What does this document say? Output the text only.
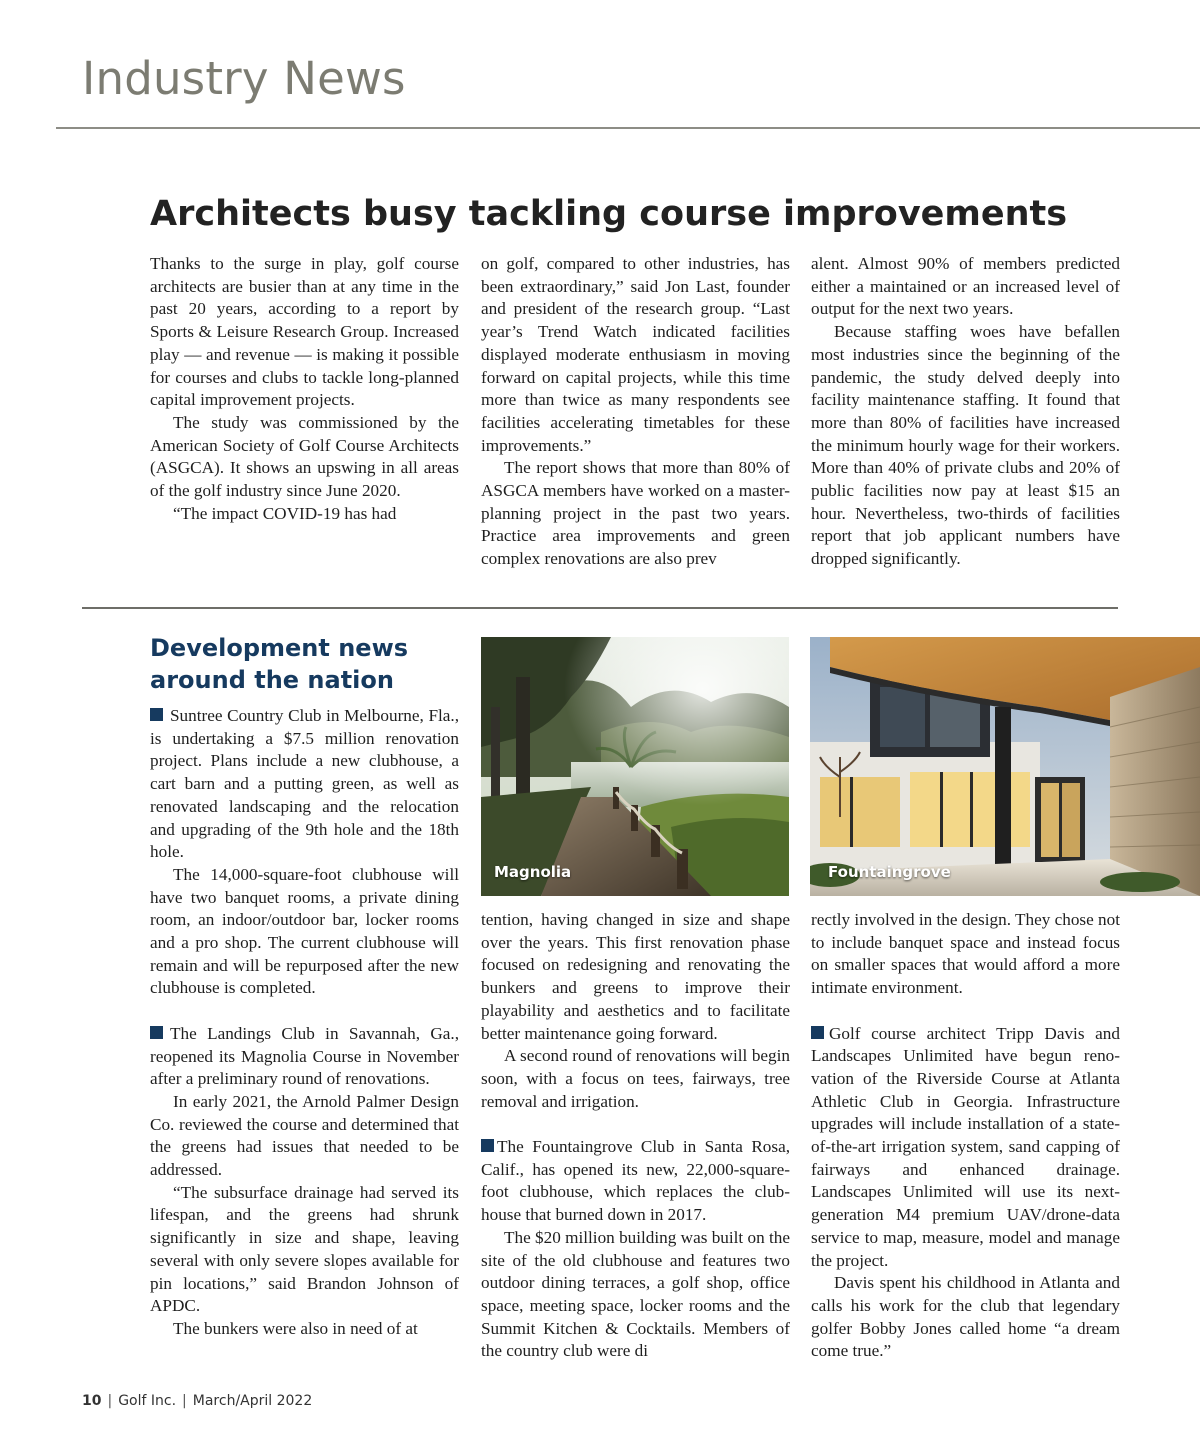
Industry News
Architects busy tackling course improvements

Thanks to the surge in play, golf course architects are busier than at any time in the past 20 years, according to a report by Sports & Leisure Research Group. Increased play — and revenue — is making it possible for courses and clubs to tackle long-planned capital improvement projects.

The study was commissioned by the American Society of Golf Course Architects (ASGCA). It shows an upswing in all areas of the golf industry since June 2020.

“The impact COVID-19 has had

on golf, compared to other industries, has been extraordinary,” said Jon Last, founder and president of the research group. “Last year’s Trend Watch indicated facilities displayed moderate enthusiasm in moving forward on capital projects, while this time more than twice as many respondents see facilities accelerating timetables for these improvements.”

The report shows that more than 80% of ASGCA members have worked on a master-planning project in the past two years. Practice area improvements and green complex renovations are also prev

alent. Almost 90% of members predicted either a maintained or an increased level of output for the next two years.

Because staffing woes have befallen most industries since the beginning of the pandemic, the study delved deeply into facility maintenance staffing. It found that more than 80% of facilities have increased the minimum hourly wage for their workers. More than 40% of private clubs and 20% of public facilities now pay at least $15 an hour. Nevertheless, two-thirds of facilities report that job applicant numbers have dropped significantly.

Development news around the nation

Suntree Country Club in Melbourne, Fla., is undertaking a $7.5 million renovation project. Plans include a new clubhouse, a cart barn and a putting green, as well as renovated landscaping and the relocation and upgrading of the 9th hole and the 18th hole.

The 14,000-square-foot clubhouse will have two banquet rooms, a private dining room, an indoor/outdoor bar, locker rooms and a pro shop. The current clubhouse will remain and will be repurposed after the new clubhouse is completed.

The Landings Club in Savannah, Ga., reopened its Magnolia Course in November after a preliminary round of renovations.

In early 2021, the Arnold Palmer Design Co. reviewed the course and determined that the greens had issues that needed to be addressed.

“The subsurface drainage had served its lifespan, and the greens had shrunk significantly in size and shape, leaving several with only severe slopes available for pin locations,” said Brandon Johnson of APDC.

The bunkers were also in need of at

Magnolia

tention, having changed in size and shape over the years. This first renovation phase focused on redesigning and renovating the bunkers and greens to improve their playability and aesthetics and to facilitate better maintenance going forward.

A second round of renovations will begin soon, with a focus on tees, fairways, tree removal and irrigation.

The Fountaingrove Club in Santa Rosa, Calif., has opened its new, 22,000-square-foot clubhouse, which replaces the clubhouse that burned down in 2017.

The $20 million building was built on the site of the old clubhouse and features two outdoor dining terraces, a golf shop, office space, meeting space, locker rooms and the Summit Kitchen & Cocktails. Members of the country club were di

Fountaingrove

rectly involved in the design. They chose not to include banquet space and instead focus on smaller spaces that would afford a more intimate environment.

Golf course architect Tripp Davis and Landscapes Unlimited have begun renovation of the Riverside Course at Atlanta Athletic Club in Georgia. Infrastructure upgrades will include installation of a state-of-the-art irrigation system, sand capping of fairways and enhanced drainage. Landscapes Unlimited will use its next-generation M4 premium UAV/drone-data service to map, measure, model and manage the project.

Davis spent his childhood in Atlanta and calls his work for the club that legendary golfer Bobby Jones called home “a dream come true.”

10 | Golf Inc. | March/April 2022
